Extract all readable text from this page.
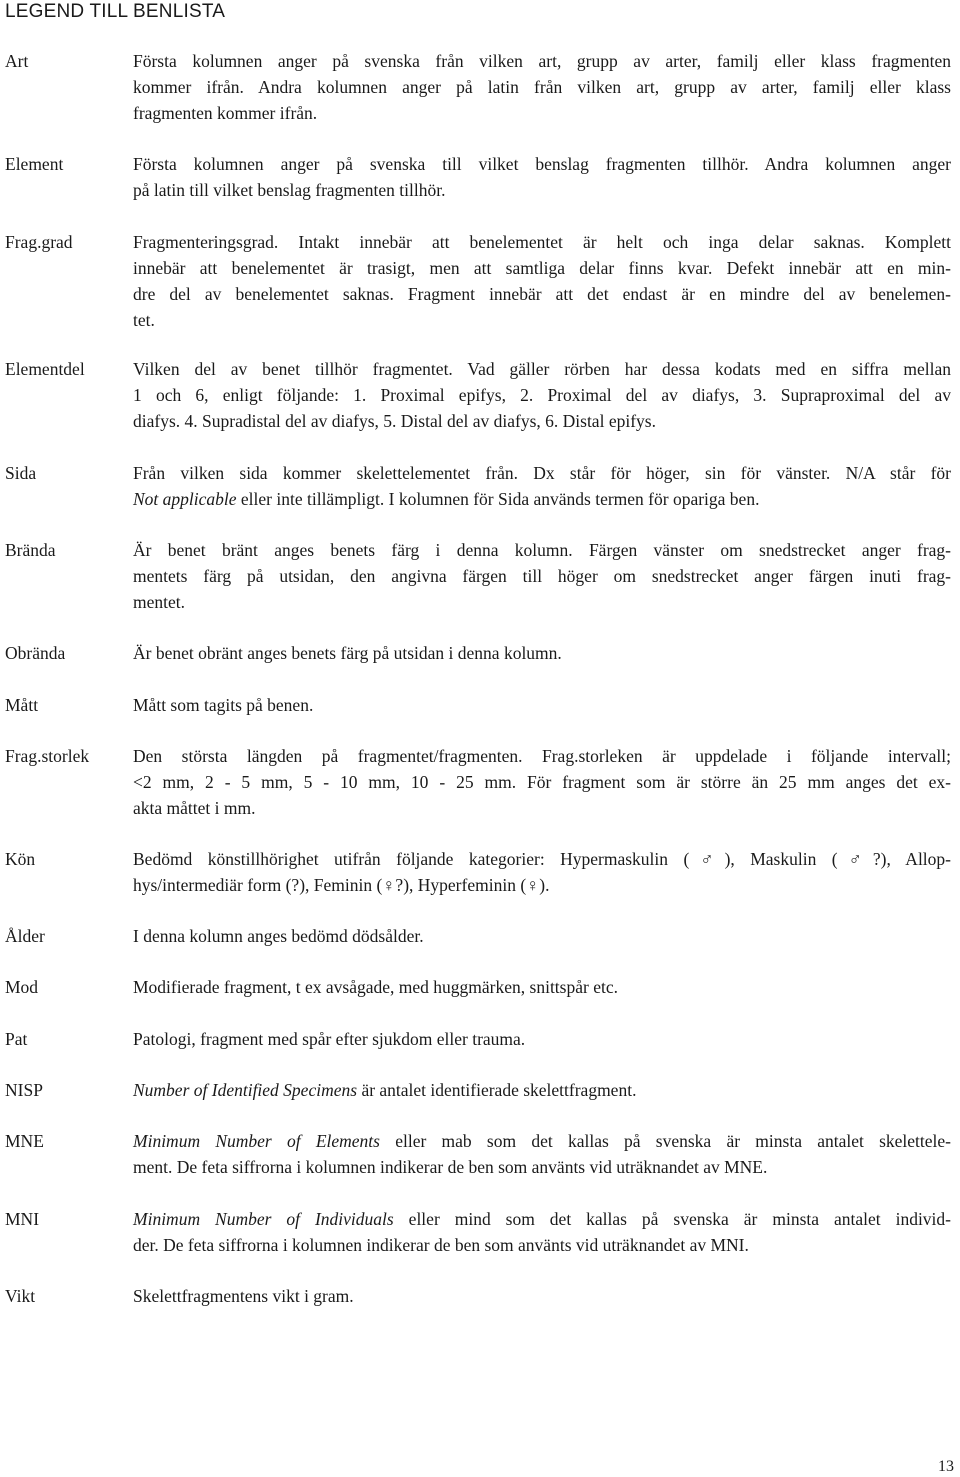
LEGEND TILL BENLISTA
Art	Första kolumnen anger på svenska från vilken art, grupp av arter, familj eller klass fragmenten
kommer ifrån. Andra kolumnen anger på latin från vilken art, grupp av arter, familj eller klass
fragmenten kommer ifrån.
Element	Första kolumnen anger på svenska till vilket benslag fragmenten tillhör. Andra kolumnen anger
på latin till vilket benslag fragmenten tillhör.
Frag.grad	Fragmenteringsgrad. Intakt innebär att benelementet är helt och inga delar saknas. Komplett
innebär att benelementet är trasigt, men att samtliga delar finns kvar. Defekt innebär att en min-
dre del av benelementet saknas. Fragment innebär att det endast är en mindre del av benelemen-
tet.
Elementdel	Vilken del av benet tillhör fragmentet. Vad gäller rörben har dessa kodats med en siffra mellan
1 och 6, enligt följande: 1. Proximal epifys, 2. Proximal del av diafys, 3. Supraproximal del av
diafys. 4. Supradistal del av diafys, 5. Distal del av diafys, 6. Distal epifys.
Sida	Från vilken sida kommer skelettelementet från. Dx står för höger, sin för vänster. N/A står för
Not applicable eller inte tillämpligt. I kolumnen för Sida används termen för opariga ben.
Brända	Är benet bränt anges benets färg i denna kolumn. Färgen vänster om snedstrecket anger frag-
mentets färg på utsidan, den angivna färgen till höger om snedstrecket anger färgen inuti frag-
mentet.
Obrända	Är benet obränt anges benets färg på utsidan i denna kolumn.
Mått	Mått som tagits på benen.
Frag.storlek	Den största längden på fragmentet/fragmenten. Frag.storleken är uppdelade i följande intervall;
<2 mm, 2 - 5 mm, 5 - 10 mm, 10 - 25 mm. För fragment som är större än 25 mm anges det ex-
akta måttet i mm.
Kön	Bedömd könstillhörighet utifrån följande kategorier: Hypermaskulin (♂), Maskulin (♂?), Allop-
hys/intermediär form (?), Feminin (♀?), Hyperfeminin (♀).
Ålder	I denna kolumn anges bedömd dödsålder.
Mod	Modifierade fragment, t ex avsågade, med huggmärken, snittspår etc.
Pat	Patologi, fragment med spår efter sjukdom eller trauma.
NISP	Number of Identified Specimens är antalet identifierade skelettfragment.
MNE	Minimum Number of Elements eller mab som det kallas på svenska är minsta antalet skelettele-
ment. De feta siffrorna i kolumnen indikerar de ben som använts vid uträknandet av MNE.
MNI	Minimum Number of Individuals eller mind som det kallas på svenska är minsta antalet individ-
der. De feta siffrorna i kolumnen indikerar de ben som använts vid uträknandet av MNI.
Vikt	Skelettfragmentens vikt i gram.
13
